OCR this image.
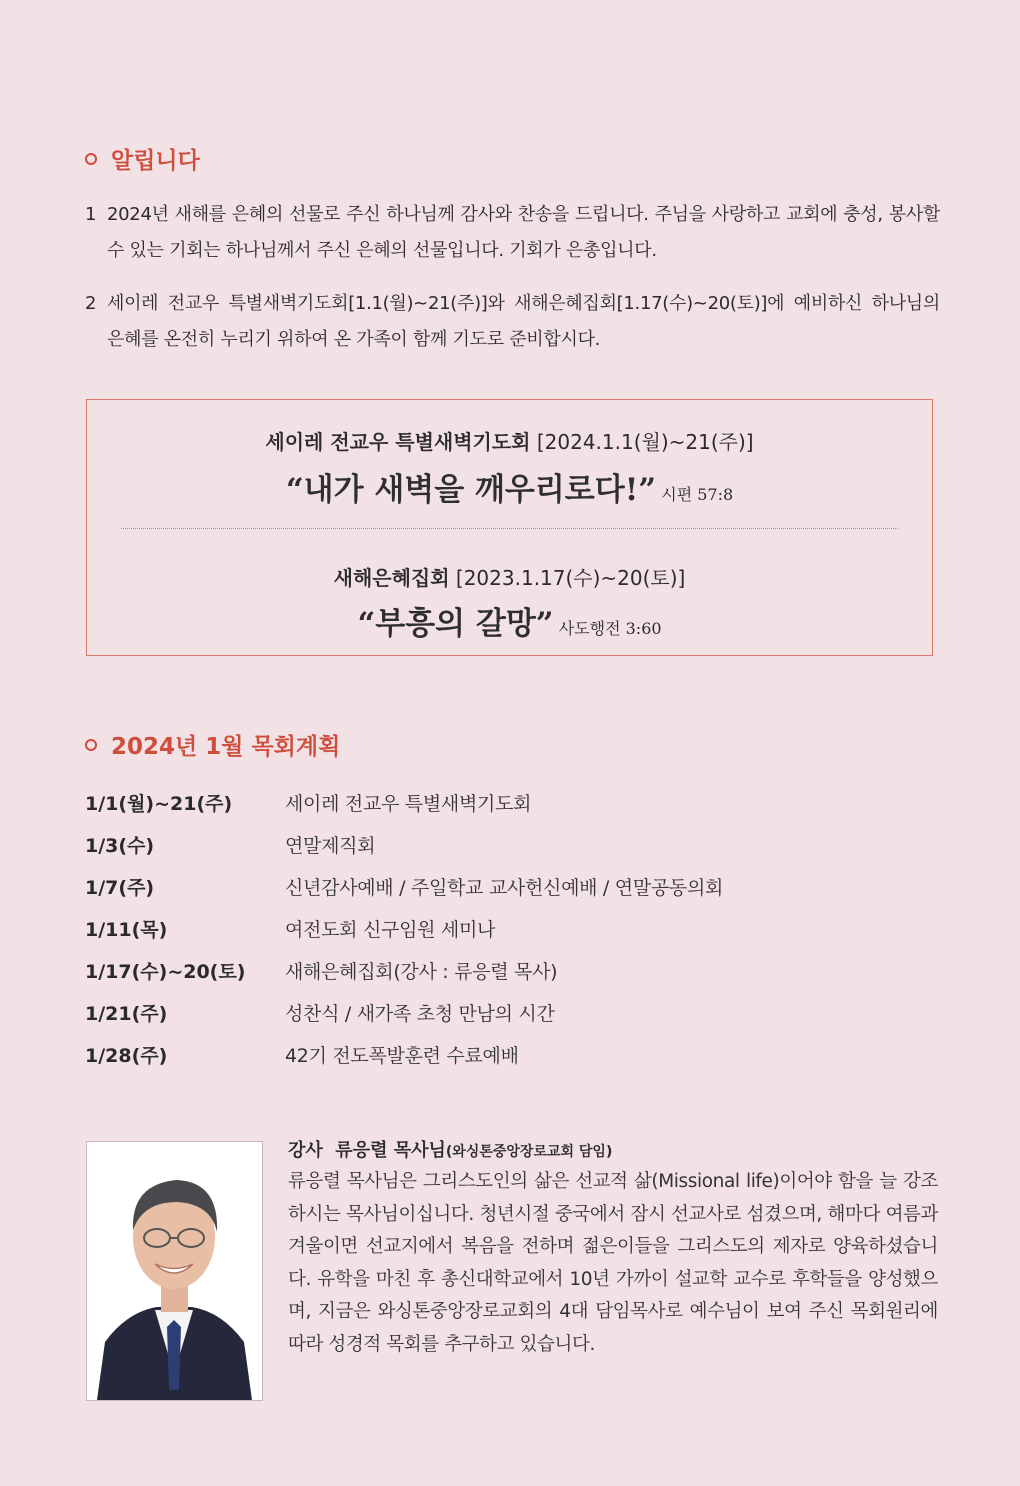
알립니다
1 2024년 새해를 은혜의 선물로 주신 하나님께 감사와 찬송을 드립니다. 주님을 사랑하고 교회에 충성, 봉사할 수 있는 기회는 하나님께서 주신 은혜의 선물입니다. 기회가 은총입니다.
2 세이레 전교우 특별새벽기도회[1.1(월)~21(주)]와 새해은혜집회[1.17(수)~20(토)]에 예비하신 하나님의 은혜를 온전히 누리기 위하여 온 가족이 함께 기도로 준비합시다.
세이레 전교우 특별새벽기도회 [2024.1.1(월)~21(주)]
“내가 새벽을 깨우리로다!” 시편 57:8
새해은혜집회 [2023.1.17(수)~20(토)]
“부흥의 갈망” 사도행전 3:60
2024년 1월 목회계획
1/1(월)~21(주)	세이레 전교우 특별새벽기도회
1/3(수)	연말제직회
1/7(주)	신년감사예배 / 주일학교 교사헌신예배 / 연말공동의회
1/11(목)	여전도회 신구임원 세미나
1/17(수)~20(토)	새해은혜집회(강사 : 류응렬 목사)
1/21(주)	성찬식 / 새가족 초청 만남의 시간
1/28(주)	42기 전도폭발훈련 수료예배
강사  류응렬 목사님(와싱톤중앙장로교회 담임)
류응렬 목사님은 그리스도인의 삶은 선교적 삶(Missional life)이어야 함을 늘 강조하시는 목사님이십니다. 청년시절 중국에서 잠시 선교사로 섬겼으며, 해마다 여름과 겨울이면 선교지에서 복음을 전하며 젊은이들을 그리스도의 제자로 양육하셨습니다. 유학을 마친 후 총신대학교에서 10년 가까이 설교학 교수로 후학들을 양성했으며, 지금은 와싱톤중앙장로교회의 4대 담임목사로 예수님이 보여 주신 목회원리에 따라 성경적 목회를 추구하고 있습니다.
